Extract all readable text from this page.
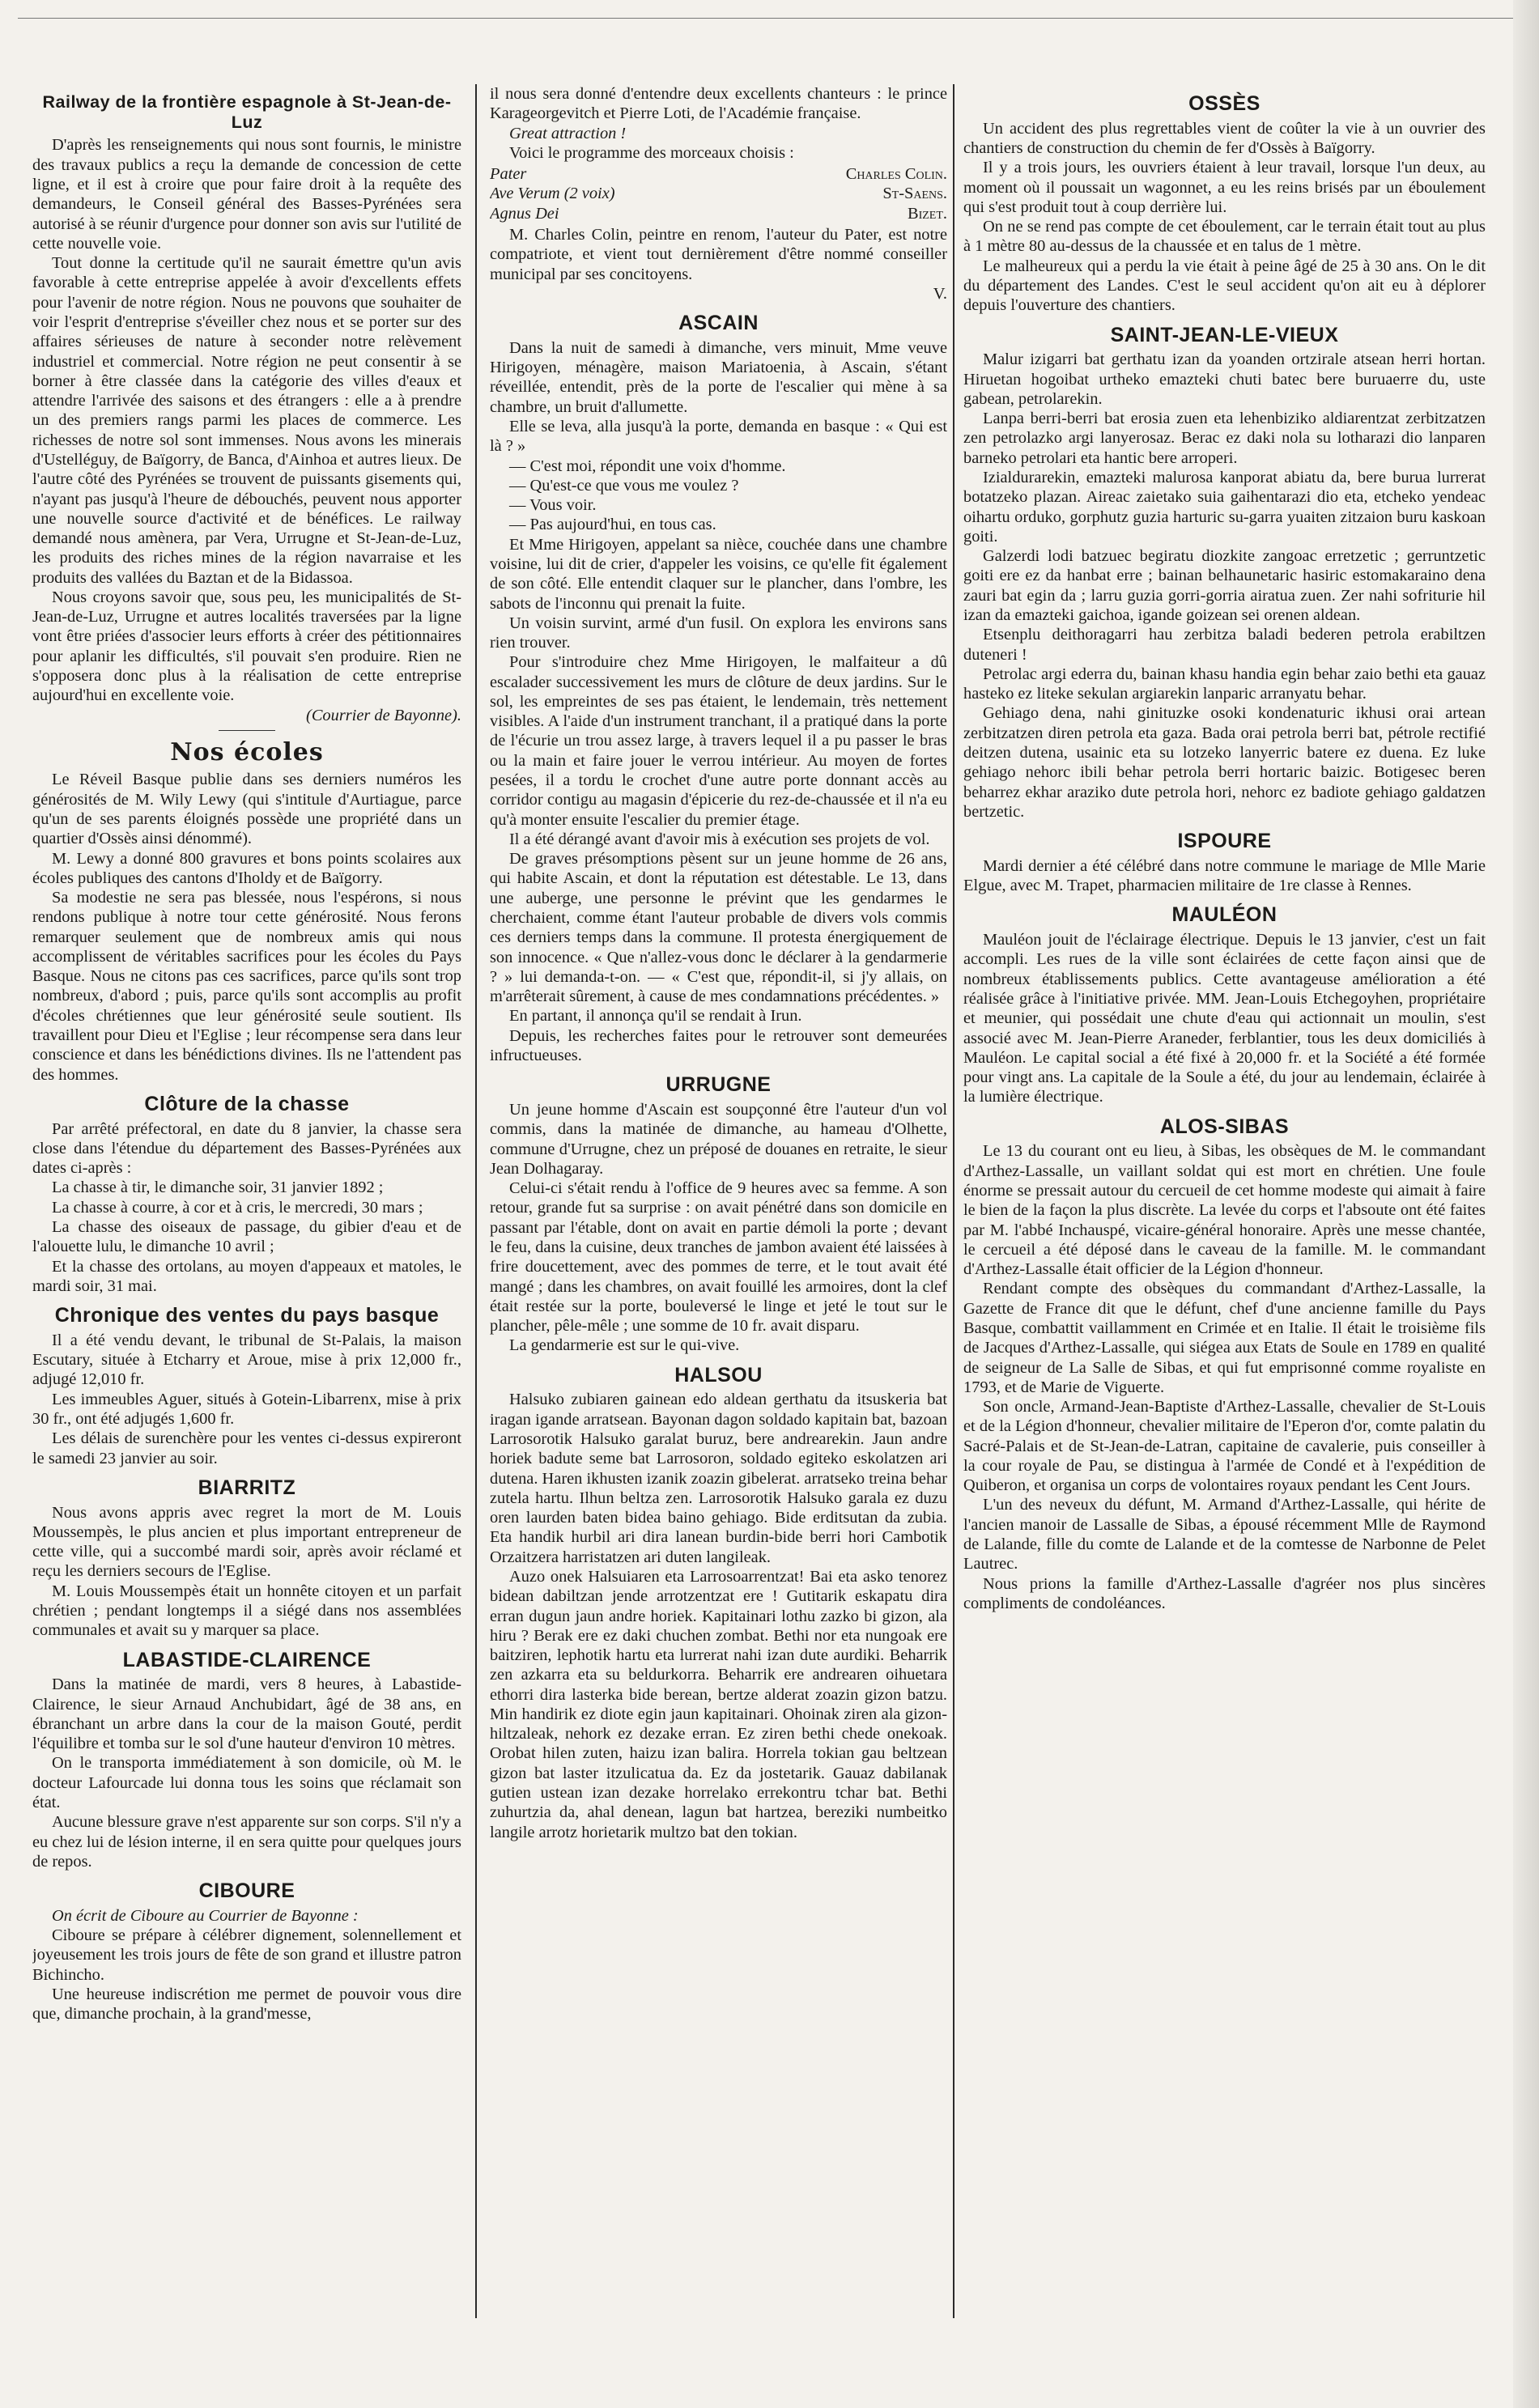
Railway de la frontière espagnole à St-Jean-de-Luz

D'après les renseignements qui nous sont fournis, le ministre des travaux publics a reçu la demande de concession de cette ligne, et il est à croire que pour faire droit à la requête des demandeurs, le Conseil général des Basses-Pyrénées sera autorisé à se réunir d'urgence pour donner son avis sur l'utilité de cette nouvelle voie.

Tout donne la certitude qu'il ne saurait émettre qu'un avis favorable à cette entreprise appelée à avoir d'excellents effets pour l'avenir de notre région. Nous ne pouvons que souhaiter de voir l'esprit d'entreprise s'éveiller chez nous et se porter sur des affaires sérieuses de nature à seconder notre relèvement industriel et commercial. Notre région ne peut consentir à se borner à être classée dans la catégorie des villes d'eaux et attendre l'arrivée des saisons et des étrangers : elle a à prendre un des premiers rangs parmi les places de commerce. Les richesses de notre sol sont immenses. Nous avons les minerais d'Ustelléguy, de Baïgorry, de Banca, d'Ainhoa et autres lieux. De l'autre côté des Pyrénées se trouvent de puissants gisements qui, n'ayant pas jusqu'à l'heure de débouchés, peuvent nous apporter une nouvelle source d'activité et de bénéfices. Le railway demandé nous amènera, par Vera, Urrugne et St-Jean-de-Luz, les produits des riches mines de la région navarraise et les produits des vallées du Baztan et de la Bidassoa.

Nous croyons savoir que, sous peu, les municipalités de St-Jean-de-Luz, Urrugne et autres localités traversées par la ligne vont être priées d'associer leurs efforts à créer des pétitionnaires pour aplanir les difficultés, s'il pouvait s'en produire. Rien ne s'opposera donc plus à la réalisation de cette entreprise aujourd'hui en excellente voie.

(Courrier de Bayonne).

Nos écoles

Le Réveil Basque publie dans ses derniers numéros les générosités de M. Wily Lewy (qui s'intitule d'Aurtiague, parce qu'un de ses parents éloignés possède une propriété dans un quartier d'Ossès ainsi dénommé).

M. Lewy a donné 800 gravures et bons points scolaires aux écoles publiques des cantons d'Iholdy et de Baïgorry.

Sa modestie ne sera pas blessée, nous l'espérons, si nous rendons publique à notre tour cette générosité. Nous ferons remarquer seulement que de nombreux amis qui nous accomplissent de véritables sacrifices pour les écoles du Pays Basque. Nous ne citons pas ces sacrifices, parce qu'ils sont trop nombreux, d'abord ; puis, parce qu'ils sont accomplis au profit d'écoles chrétiennes que leur générosité seule soutient. Ils travaillent pour Dieu et l'Eglise ; leur récompense sera dans leur conscience et dans les bénédictions divines. Ils ne l'attendent pas des hommes.

Clôture de la chasse

Par arrêté préfectoral, en date du 8 janvier, la chasse sera close dans l'étendue du département des Basses-Pyrénées aux dates ci-après :

La chasse à tir, le dimanche soir, 31 janvier 1892 ;

La chasse à courre, à cor et à cris, le mercredi, 30 mars ;

La chasse des oiseaux de passage, du gibier d'eau et de l'alouette lulu, le dimanche 10 avril ;

Et la chasse des ortolans, au moyen d'appeaux et matoles, le mardi soir, 31 mai.

Chronique des ventes du pays basque

Il a été vendu devant, le tribunal de St-Palais, la maison Escutary, située à Etcharry et Aroue, mise à prix 12,000 fr., adjugé 12,010 fr.

Les immeubles Aguer, situés à Gotein-Libarrenx, mise à prix 30 fr., ont été adjugés 1,600 fr.

Les délais de surenchère pour les ventes ci-dessus expireront le samedi 23 janvier au soir.

BIARRITZ

Nous avons appris avec regret la mort de M. Louis Moussempès, le plus ancien et plus important entrepreneur de cette ville, qui a succombé mardi soir, après avoir réclamé et reçu les derniers secours de l'Eglise.

M. Louis Moussempès était un honnête citoyen et un parfait chrétien ; pendant longtemps il a siégé dans nos assemblées communales et avait su y marquer sa place.

LABASTIDE-CLAIRENCE

Dans la matinée de mardi, vers 8 heures, à Labastide-Clairence, le sieur Arnaud Anchubidart, âgé de 38 ans, en ébranchant un arbre dans la cour de la maison Gouté, perdit l'équilibre et tomba sur le sol d'une hauteur d'environ 10 mètres.

On le transporta immédiatement à son domicile, où M. le docteur Lafourcade lui donna tous les soins que réclamait son état.

Aucune blessure grave n'est apparente sur son corps. S'il n'y a eu chez lui de lésion interne, il en sera quitte pour quelques jours de repos.

CIBOURE

On écrit de Ciboure au Courrier de Bayonne :

Ciboure se prépare à célébrer dignement, solennellement et joyeusement les trois jours de fête de son grand et illustre patron Bichincho.

Une heureuse indiscrétion me permet de pouvoir vous dire que, dimanche prochain, à la grand'messe,

il nous sera donné d'entendre deux excellents chanteurs : le prince Karageorgevitch et Pierre Loti, de l'Académie française.

Great attraction !

Voici le programme des morceaux choisis :

Pater	Charles Colin.
Ave Verum (2 voix)	St-Saens.
Agnus Dei	Bizet.

M. Charles Colin, peintre en renom, l'auteur du Pater, est notre compatriote, et vient tout dernièrement d'être nommé conseiller municipal par ses concitoyens.

V.

ASCAIN

Dans la nuit de samedi à dimanche, vers minuit, Mme veuve Hirigoyen, ménagère, maison Mariatoenia, à Ascain, s'étant réveillée, entendit, près de la porte de l'escalier qui mène à sa chambre, un bruit d'allumette.

Elle se leva, alla jusqu'à la porte, demanda en basque : « Qui est là ? »

— C'est moi, répondit une voix d'homme.

— Qu'est-ce que vous me voulez ?

— Vous voir.

— Pas aujourd'hui, en tous cas.

Et Mme Hirigoyen, appelant sa nièce, couchée dans une chambre voisine, lui dit de crier, d'appeler les voisins, ce qu'elle fit également de son côté. Elle entendit claquer sur le plancher, dans l'ombre, les sabots de l'inconnu qui prenait la fuite.

Un voisin survint, armé d'un fusil. On explora les environs sans rien trouver.

Pour s'introduire chez Mme Hirigoyen, le malfaiteur a dû escalader successivement les murs de clôture de deux jardins. Sur le sol, les empreintes de ses pas étaient, le lendemain, très nettement visibles. A l'aide d'un instrument tranchant, il a pratiqué dans la porte de l'écurie un trou assez large, à travers lequel il a pu passer le bras ou la main et faire jouer le verrou intérieur. Au moyen de fortes pesées, il a tordu le crochet d'une autre porte donnant accès au corridor contigu au magasin d'épicerie du rez-de-chaussée et il n'a eu qu'à monter ensuite l'escalier du premier étage.

Il a été dérangé avant d'avoir mis à exécution ses projets de vol.

De graves présomptions pèsent sur un jeune homme de 26 ans, qui habite Ascain, et dont la réputation est détestable. Le 13, dans une auberge, une personne le prévint que les gendarmes le cherchaient, comme étant l'auteur probable de divers vols commis ces derniers temps dans la commune. Il protesta énergiquement de son innocence. « Que n'allez-vous donc le déclarer à la gendarmerie ? » lui demanda-t-on. — « C'est que, répondit-il, si j'y allais, on m'arrêterait sûrement, à cause de mes condamnations précédentes. »

En partant, il annonça qu'il se rendait à Irun.

Depuis, les recherches faites pour le retrouver sont demeurées infructueuses.

URRUGNE

Un jeune homme d'Ascain est soupçonné être l'auteur d'un vol commis, dans la matinée de dimanche, au hameau d'Olhette, commune d'Urrugne, chez un préposé de douanes en retraite, le sieur Jean Dolhagaray.

Celui-ci s'était rendu à l'office de 9 heures avec sa femme. A son retour, grande fut sa surprise : on avait pénétré dans son domicile en passant par l'étable, dont on avait en partie démoli la porte ; devant le feu, dans la cuisine, deux tranches de jambon avaient été laissées à frire doucettement, avec des pommes de terre, et le tout avait été mangé ; dans les chambres, on avait fouillé les armoires, dont la clef était restée sur la porte, bouleversé le linge et jeté le tout sur le plancher, pêle-mêle ; une somme de 10 fr. avait disparu.

La gendarmerie est sur le qui-vive.

HALSOU

Halsuko zubiaren gainean edo aldean gerthatu da itsuskeria bat iragan igande arratsean. Bayonan dagon soldado kapitain bat, bazoan Larrosorotik Halsuko garalat buruz, bere andrearekin. Jaun andre horiek badute seme bat Larrosoron, soldado egiteko eskolatzen ari dutena. Haren ikhusten izanik zoazin gibelerat. arratseko treina behar zutela hartu. Ilhun beltza zen. Larrosorotik Halsuko garala ez duzu oren laurden baten bidea baino gehiago. Bide erditsutan da zubia. Eta handik hurbil ari dira lanean burdin-bide berri hori Cambotik Orzaitzera harristatzen ari duten langileak.

Auzo onek Halsuiaren eta Larrosoarrentzat! Bai eta asko tenorez bidean dabiltzan jende arrotzentzat ere ! Gutitarik eskapatu dira erran dugun jaun andre horiek. Kapitainari lothu zazko bi gizon, ala hiru ? Berak ere ez daki chuchen zombat. Bethi nor eta nungoak ere baitziren, lephotik hartu eta lurrerat nahi izan dute aurdiki. Beharrik zen azkarra eta su beldurkorra. Beharrik ere andrearen oihuetara ethorri dira lasterka bide berean, bertze alderat zoazin gizon batzu. Min handirik ez diote egin jaun kapitainari. Ohoinak ziren ala gizon-hiltzaleak, nehork ez dezake erran. Ez ziren bethi chede onekoak. Orobat hilen zuten, haizu izan balira. Horrela tokian gau beltzean gizon bat laster itzulicatua da. Ez da jostetarik. Gauaz dabilanak gutien ustean izan dezake horrelako errekontru tchar bat. Bethi zuhurtzia da, ahal denean, lagun bat hartzea, bereziki numbeitko langile arrotz horietarik multzo bat den tokian.

OSSÈS

Un accident des plus regrettables vient de coûter la vie à un ouvrier des chantiers de construction du chemin de fer d'Ossès à Baïgorry.

Il y a trois jours, les ouvriers étaient à leur travail, lorsque l'un deux, au moment où il poussait un wagonnet, a eu les reins brisés par un éboulement qui s'est produit tout à coup derrière lui.

On ne se rend pas compte de cet éboulement, car le terrain était tout au plus à 1 mètre 80 au-dessus de la chaussée et en talus de 1 mètre.

Le malheureux qui a perdu la vie était à peine âgé de 25 à 30 ans. On le dit du département des Landes. C'est le seul accident qu'on ait eu à déplorer depuis l'ouverture des chantiers.

SAINT-JEAN-LE-VIEUX

Malur izigarri bat gerthatu izan da yoanden ortzirale atsean herri hortan. Hiruetan hogoibat urtheko emazteki chuti batec bere buruaerre du, uste gabean, petrolarekin.

Lanpa berri-berri bat erosia zuen eta lehenbiziko aldiarentzat zerbitzatzen zen petrolazko argi lanyerosaz. Berac ez daki nola su lotharazi dio lanparen barneko petrolari eta hantic bere arroperi.

Izialdurarekin, emazteki malurosa kanporat abiatu da, bere burua lurrerat botatzeko plazan. Aireac zaietako suia gaihentarazi dio eta, etcheko yendeac oihartu orduko, gorphutz guzia harturic su-garra yuaiten zitzaion buru kaskoan goiti.

Galzerdi lodi batzuec begiratu diozkite zangoac erretzetic ; gerruntzetic goiti ere ez da hanbat erre ; bainan belhaunetaric hasiric estomakaraino dena zauri bat egin da ; larru guzia gorri-gorria airatua zuen. Zer nahi sofriturie hil izan da emazteki gaichoa, igande goizean sei orenen aldean.

Etsenplu deithoragarri hau zerbitza baladi bederen petrola erabiltzen duteneri !

Petrolac argi ederra du, bainan khasu handia egin behar zaio bethi eta gauaz hasteko ez liteke sekulan argiarekin lanparic arranyatu behar.

Gehiago dena, nahi ginituzke osoki kondenaturic ikhusi orai artean zerbitzatzen diren petrola eta gaza. Bada orai petrola berri bat, pétrole rectifié deitzen dutena, usainic eta su lotzeko lanyerric batere ez duena. Ez luke gehiago nehorc ibili behar petrola berri hortaric baizic. Botigesec beren beharrez ekhar araziko dute petrola hori, nehorc ez badiote gehiago galdatzen bertzetic.

ISPOURE

Mardi dernier a été célébré dans notre commune le mariage de Mlle Marie Elgue, avec M. Trapet, pharmacien militaire de 1re classe à Rennes.

MAULÉON

Mauléon jouit de l'éclairage électrique. Depuis le 13 janvier, c'est un fait accompli. Les rues de la ville sont éclairées de cette façon ainsi que de nombreux établissements publics. Cette avantageuse amélioration a été réalisée grâce à l'initiative privée. MM. Jean-Louis Etchegoyhen, propriétaire et meunier, qui possédait une chute d'eau qui actionnait un moulin, s'est associé avec M. Jean-Pierre Araneder, ferblantier, tous les deux domiciliés à Mauléon. Le capital social a été fixé à 20,000 fr. et la Société a été formée pour vingt ans. La capitale de la Soule a été, du jour au lendemain, éclairée à la lumière électrique.

ALOS-SIBAS

Le 13 du courant ont eu lieu, à Sibas, les obsèques de M. le commandant d'Arthez-Lassalle, un vaillant soldat qui est mort en chrétien. Une foule énorme se pressait autour du cercueil de cet homme modeste qui aimait à faire le bien de la façon la plus discrète. La levée du corps et l'absoute ont été faites par M. l'abbé Inchauspé, vicaire-général honoraire. Après une messe chantée, le cercueil a été déposé dans le caveau de la famille. M. le commandant d'Arthez-Lassalle était officier de la Légion d'honneur.

Rendant compte des obsèques du commandant d'Arthez-Lassalle, la Gazette de France dit que le défunt, chef d'une ancienne famille du Pays Basque, combattit vaillamment en Crimée et en Italie. Il était le troisième fils de Jacques d'Arthez-Lassalle, qui siégea aux Etats de Soule en 1789 en qualité de seigneur de La Salle de Sibas, et qui fut emprisonné comme royaliste en 1793, et de Marie de Viguerte.

Son oncle, Armand-Jean-Baptiste d'Arthez-Lassalle, chevalier de St-Louis et de la Légion d'honneur, chevalier militaire de l'Eperon d'or, comte palatin du Sacré-Palais et de St-Jean-de-Latran, capitaine de cavalerie, puis conseiller à la cour royale de Pau, se distingua à l'armée de Condé et à l'expédition de Quiberon, et organisa un corps de volontaires royaux pendant les Cent Jours.

L'un des neveux du défunt, M. Armand d'Arthez-Lassalle, qui hérite de l'ancien manoir de Lassalle de Sibas, a épousé récemment Mlle de Raymond de Lalande, fille du comte de Lalande et de la comtesse de Narbonne de Pelet Lautrec.

Nous prions la famille d'Arthez-Lassalle d'agréer nos plus sincères compliments de condoléances.
